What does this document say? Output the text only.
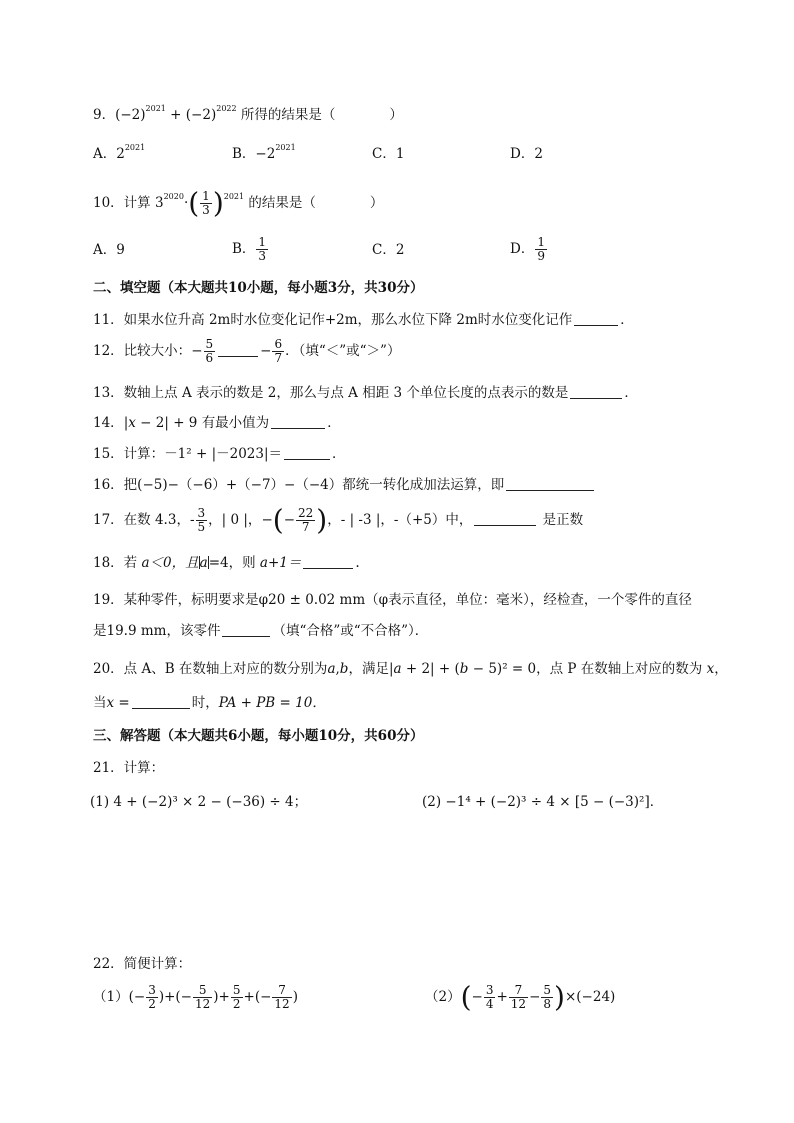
9．$(-2)^{2021} + (-2)^{2022}$ 所得的结果是（　　　　）
A．$2^{2021}$	B．$-2^{2021}$	C．1	D．2
10．计算 $3^{2020}\cdot( \frac{1}{3} )^{2021}$ 的结果是（　　　　）
A．9	B． $\frac{1}{3}$	C．2	D． $\frac{1}{9}$
二、填空题（本大题共10小题，每小题3分，共30分）
11．如果水位升高 2m时水位变化记作+2m，那么水位下降 2m时水位变化记作	．
12．比较大小：− $\frac{5}{6}$	− $\frac{6}{7}$ ．（填“＜”或“＞”）
13．数轴上点 A 表示的数是 2，那么与点 A 相距 3 个单位长度的点表示的数是	．
14．|x − 2| + 9 有最小值为	．
15．计算：－1² + |－2023|＝	．
16．把(−5)−（−6）+（−7）−（−4）都统一转化成加法运算，即
17．在数 4.3，- $\frac{3}{5}$ ，| 0 |，−(− $\frac{22}{7}$ )，- | -3 |，-（+5）中，	是正数
18．若 a＜0，且a=4，则 a+1＝	.
19．某种零件，标明要求是φ20 ± 0.02 mm（φ表示直径，单位：毫米），经检查，一个零件的直径
是19.9 mm，该零件	（填“合格”或“不合格”）．
20．点 A、B 在数轴上对应的数分别为a,b，满足|a + 2| + (b − 5)² = 0，点 P 在数轴上对应的数为 x，
当x =	时，PA + PB = 10．
三、解答题（本大题共6小题，每小题10分，共60分）
21．计算：
(1) 4 + (−2)³ × 2 − (−36) ÷ 4；	(2) −1⁴ + (−2)³ ÷ 4 × [5 − (−3)²]．
22．简便计算：
$(1)(- \frac{3}{2}$ )+(− $\frac{5}{12}$ )+ $\frac{5}{2}$ +(− $\frac{7}{12}$ )	$(2)(- \frac{3}{4} + \frac{7}{12} - \frac{5}{8} )\times(-24)$
